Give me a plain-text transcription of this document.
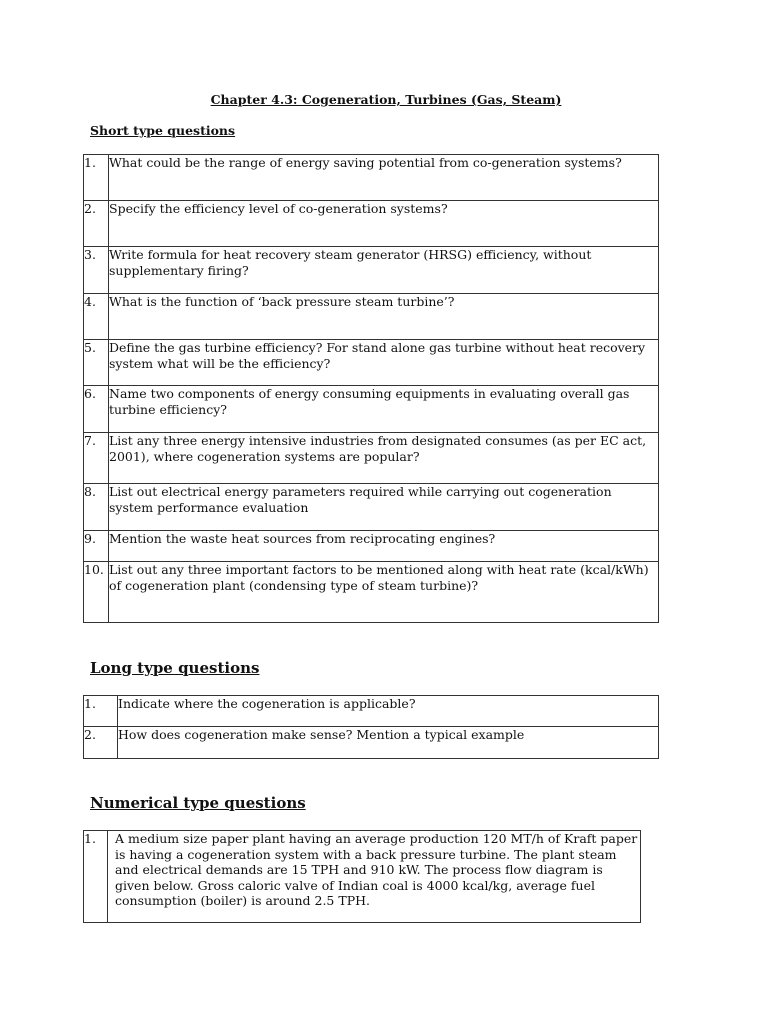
Chapter 4.3: Cogeneration, Turbines (Gas, Steam)
Short type questions
1.	What could be the range of energy saving potential from co-generation systems?
2.	Specify the efficiency level of co-generation systems?
3.	Write formula for heat recovery steam generator (HRSG) efficiency, without supplementary firing?
4.	What is the function of ‘back pressure steam turbine’?
5.	Define the gas turbine efficiency? For stand alone gas turbine without heat recovery system what will be the efficiency?
6.	Name two components of energy consuming equipments in evaluating overall gas turbine efficiency?
7.	List any three energy intensive industries from designated consumes (as per EC act, 2001), where cogeneration systems are popular?
8.	List out electrical energy parameters required while carrying out cogeneration system performance evaluation
9.	Mention the waste heat sources from reciprocating engines?
10.	List out any three important factors to be mentioned along with heat rate (kcal/kWh) of cogeneration plant (condensing type of steam turbine)?
Long type questions
1.	Indicate where the cogeneration is applicable?
2.	How does cogeneration make sense? Mention a typical example
Numerical type questions
1.	A medium size paper plant having an average production 120 MT/h of Kraft paper is having a cogeneration system with a back pressure turbine. The plant steam and electrical demands are 15 TPH and 910 kW. The process flow diagram is given below. Gross caloric valve of Indian coal is 4000 kcal/kg, average fuel consumption (boiler) is around 2.5 TPH.
